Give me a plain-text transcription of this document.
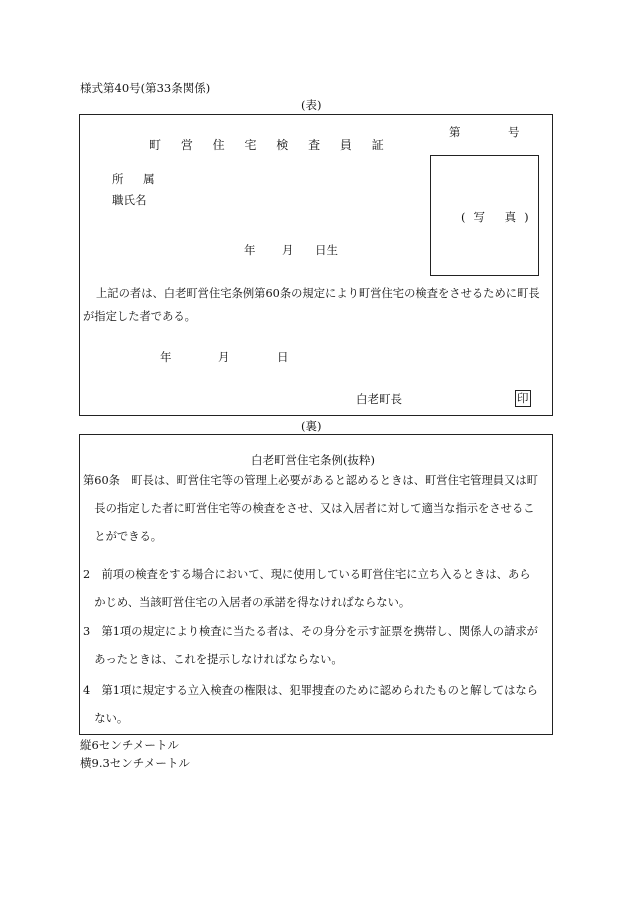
様式第40号(第33条関係)
(表)
第	号
町 営 住 宅 検 査 員 証
所 属
職氏名
(写 真)
年 月 日生
上記の者は、白老町営住宅条例第60条の規定により町営住宅の検査をさせるために町長
が指定した者である。
年	月	日
白老町長	印
(裏)
白老町営住宅条例(抜粋)
第60条　町長は、町営住宅等の管理上必要があると認めるときは、町営住宅管理員又は町
　長の指定した者に町営住宅等の検査をさせ、又は入居者に対して適当な指示をさせるこ
　とができる。
2　前項の検査をする場合において、現に使用している町営住宅に立ち入るときは、あら
　かじめ、当該町営住宅の入居者の承諾を得なければならない。
3　第1項の規定により検査に当たる者は、その身分を示す証票を携帯し、関係人の請求が
　あったときは、これを提示しなければならない。
4　第1項に規定する立入検査の権限は、犯罪捜査のために認められたものと解してはなら
　ない。
縦6センチメートル
横9.3センチメートル
